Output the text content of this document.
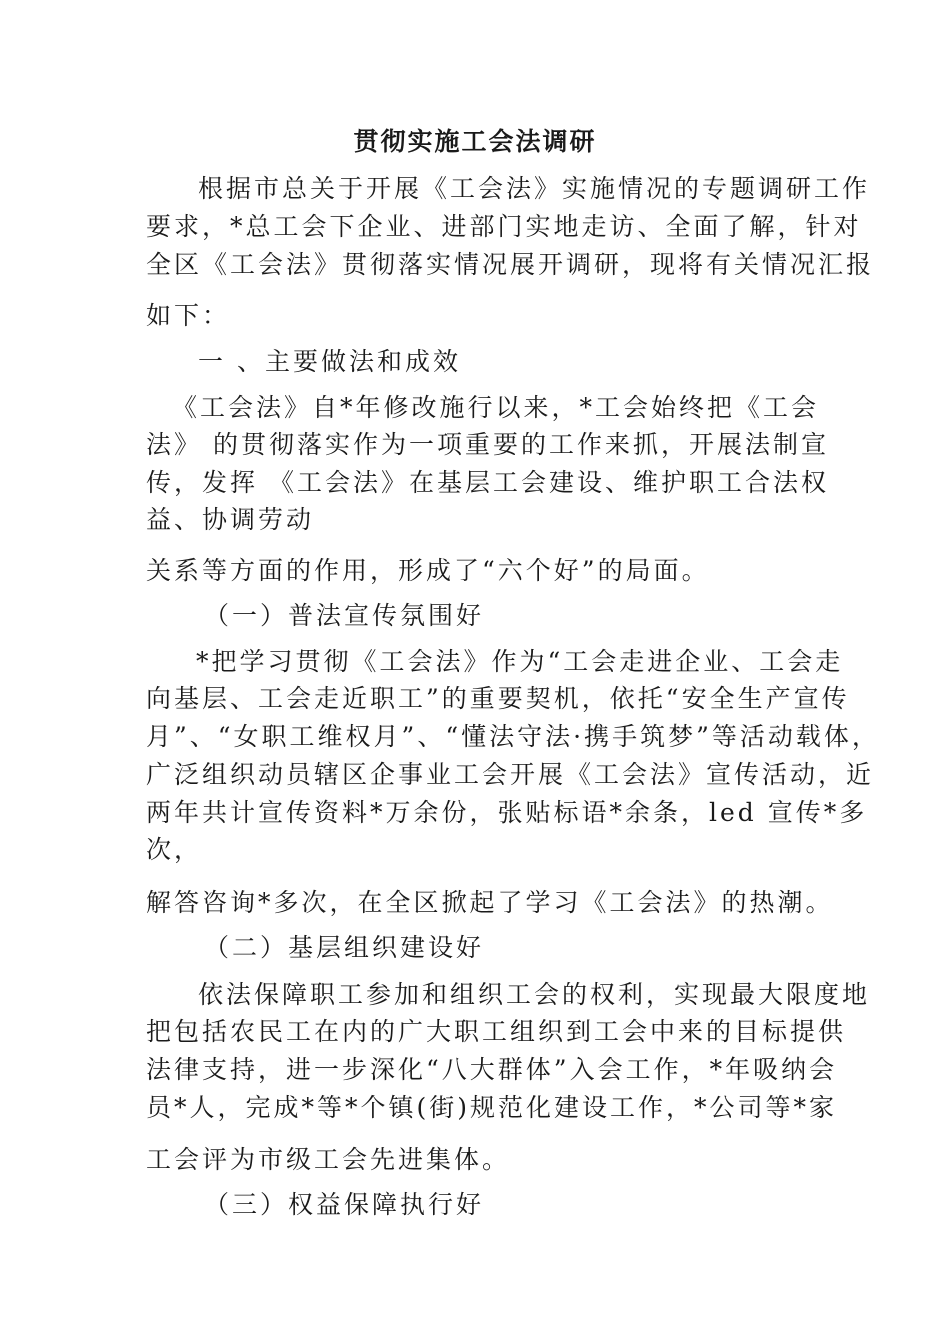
贯彻实施工会法调研
根据市总关于开展《工会法》实施情况的专题调研工作
要求，*总工会下企业、进部门实地走访、全面了解，针对
全区《工会法》贯彻落实情况展开调研，现将有关情况汇报
如下：
一 、主要做法和成效
《工会法》自*年修改施行以来，*工会始终把《工会
法》 的贯彻落实作为一项重要的工作来抓，开展法制宣
传，发挥 《工会法》在基层工会建设、维护职工合法权
益、协调劳动
关系等方面的作用，形成了“六个好”的局面。
（一）普法宣传氛围好
*把学习贯彻《工会法》作为“工会走进企业、工会走
向基层、工会走近职工”的重要契机，依托“安全生产宣传
月”、“女职工维权月”、“懂法守法·携手筑梦”等活动载体，
广泛组织动员辖区企事业工会开展《工会法》宣传活动，近
两年共计宣传资料*万余份，张贴标语*余条，led 宣传*多
次，
解答咨询*多次，在全区掀起了学习《工会法》的热潮。
（二）基层组织建设好
依法保障职工参加和组织工会的权利，实现最大限度地
把包括农民工在内的广大职工组织到工会中来的目标提供
法律支持，进一步深化“八大群体”入会工作，*年吸纳会
员*人，完成*等*个镇(街)规范化建设工作，*公司等*家
工会评为市级工会先进集体。
（三）权益保障执行好
